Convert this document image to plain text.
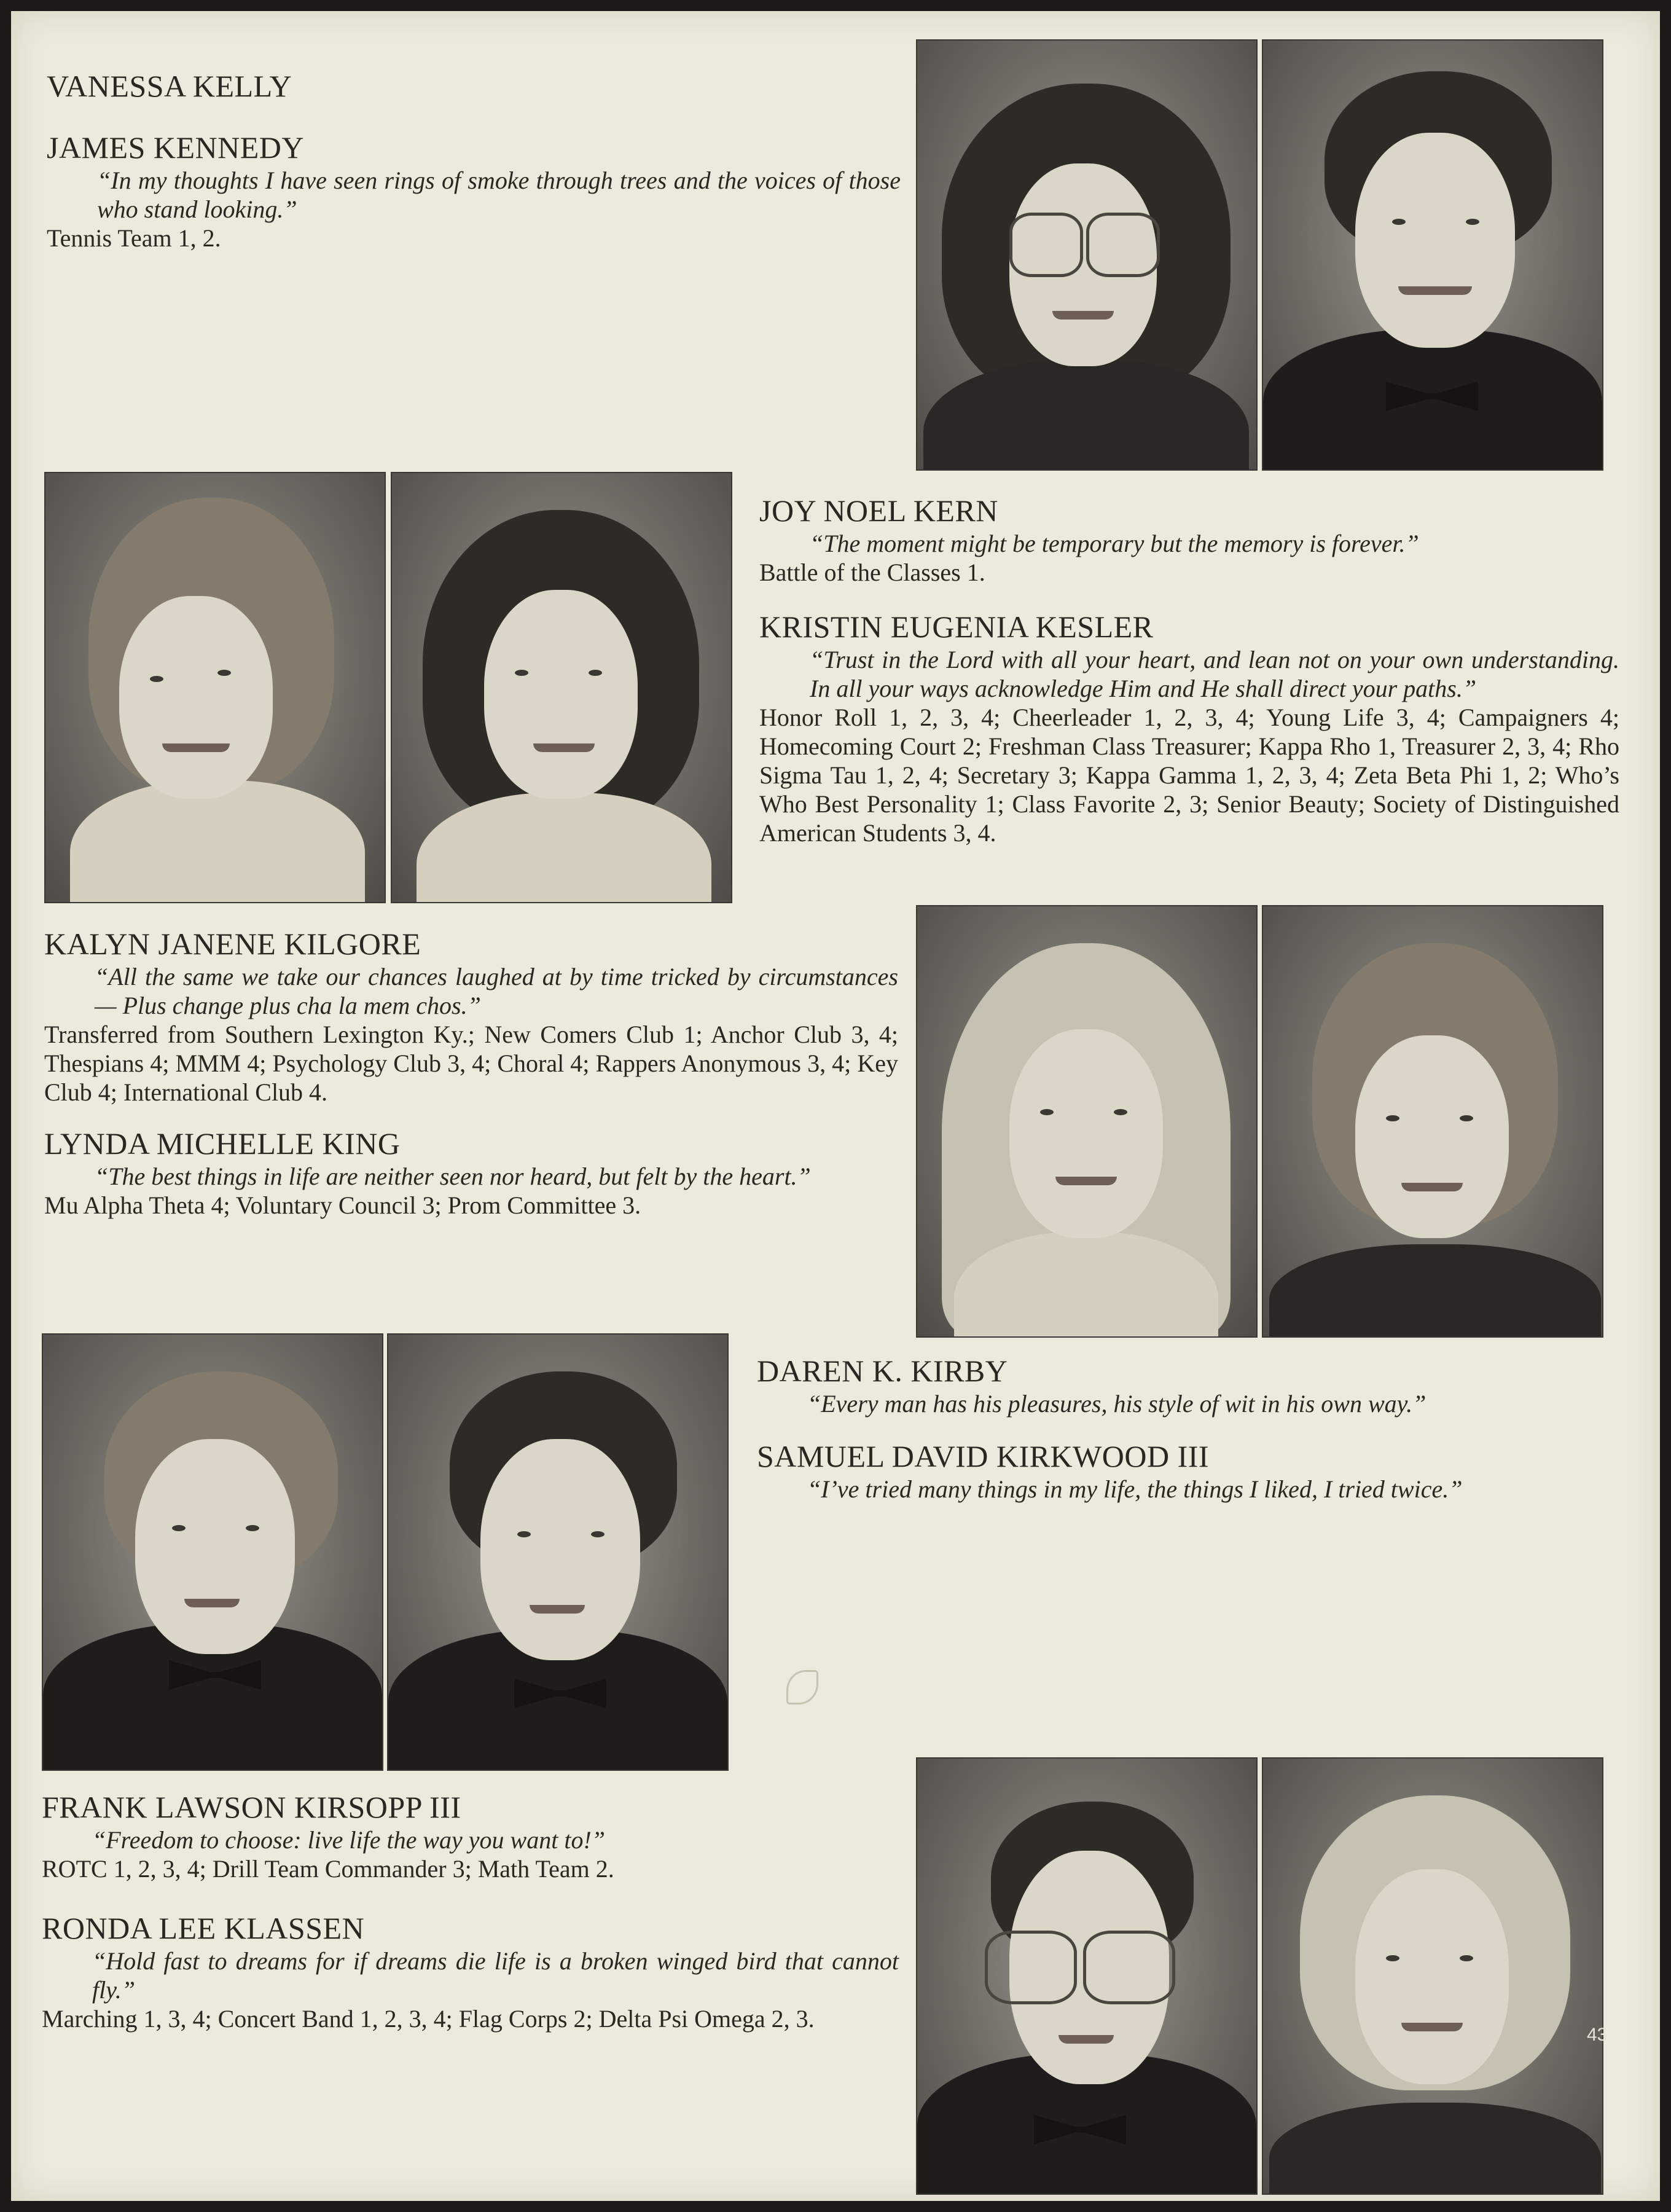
VANESSA KELLY
JAMES KENNEDY
“In my thoughts I have seen rings of smoke through trees and the voices of those who stand looking.”
Tennis Team 1, 2.
JOY NOEL KERN
“The moment might be temporary but the memory is forever.”
Battle of the Classes 1.
KRISTIN EUGENIA KESLER
“Trust in the Lord with all your heart, and lean not on your own understanding. In all your ways acknowledge Him and He shall direct your paths.”
Honor Roll 1, 2, 3, 4; Cheerleader 1, 2, 3, 4; Young Life 3, 4; Campaigners 4; Homecoming Court 2; Freshman Class Treasurer; Kappa Rho 1, Treasurer 2, 3, 4; Rho Sigma Tau 1, 2, 4; Secretary 3; Kappa Gamma 1, 2, 3, 4; Zeta Beta Phi 1, 2; Who’s Who Best Personality 1; Class Favorite 2, 3; Senior Beauty; Society of Distinguished American Students 3, 4.
KALYN JANENE KILGORE
“All the same we take our chances laughed at by time tricked by circumstances — Plus change plus cha la mem chos.”
Transferred from Southern Lexington Ky.; New Comers Club 1; Anchor Club 3, 4; Thespians 4; MMM 4; Psychology Club 3, 4; Choral 4; Rappers Anonymous 3, 4; Key Club 4; International Club 4.
LYNDA MICHELLE KING
“The best things in life are neither seen nor heard, but felt by the heart.”
Mu Alpha Theta 4; Voluntary Council 3; Prom Committee 3.
DAREN K. KIRBY
“Every man has his pleasures, his style of wit in his own way.”
SAMUEL DAVID KIRKWOOD III
“I’ve tried many things in my life, the things I liked, I tried twice.”
FRANK LAWSON KIRSOPP III
“Freedom to choose: live life the way you want to!”
ROTC 1, 2, 3, 4; Drill Team Commander 3; Math Team 2.
RONDA LEE KLASSEN
“Hold fast to dreams for if dreams die life is a broken winged bird that cannot fly.”
Marching 1, 3, 4; Concert Band 1, 2, 3, 4; Flag Corps 2; Delta Psi Omega 2, 3.
43
